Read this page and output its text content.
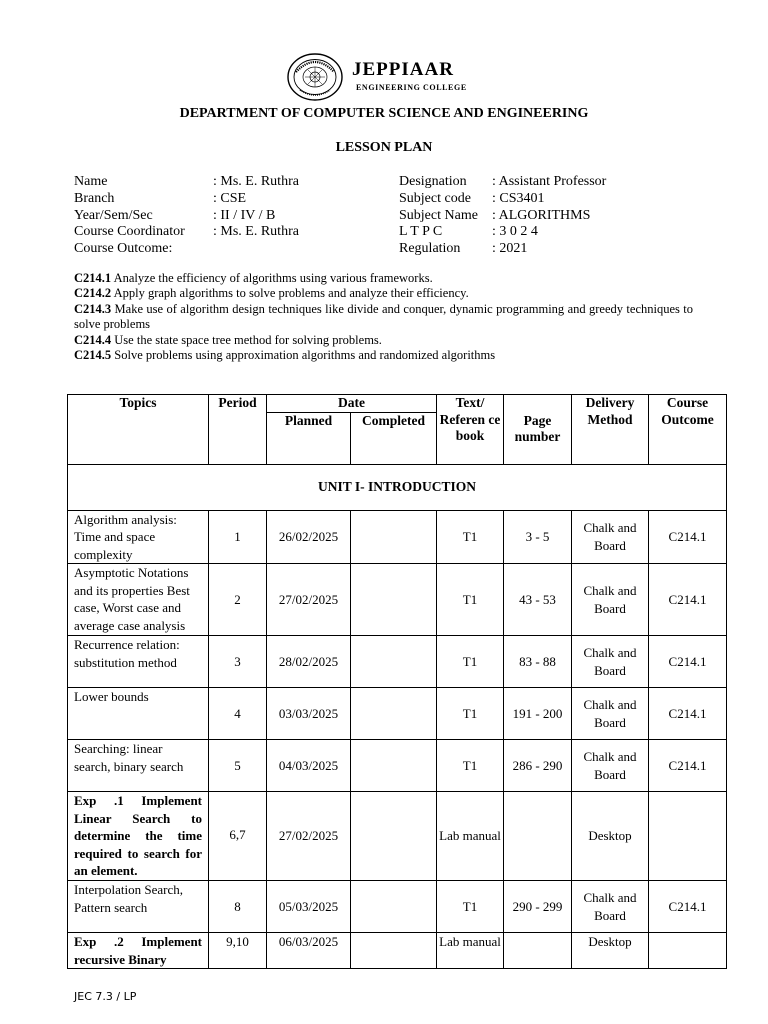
JEPPIAAR
ENGINEERING COLLEGE
DEPARTMENT OF COMPUTER SCIENCE AND ENGINEERING
LESSON PLAN
Name	: Ms. E. Ruthra
Branch	: CSE
Year/Sem/Sec	: II / IV / B
Course Coordinator	: Ms. E. Ruthra
Course Outcome:
Designation	: Assistant Professor
Subject code	: CS3401
Subject Name	: ALGORITHMS
L T P C	: 3 0 2 4
Regulation	: 2021
C214.1 Analyze the efficiency of algorithms using various frameworks.
C214.2 Apply graph algorithms to solve problems and analyze their efficiency.
C214.3 Make use of algorithm design techniques like divide and conquer, dynamic programming and greedy techniques to solve problems
C214.4 Use the state space tree method for solving problems.
C214.5 Solve problems using approximation algorithms and randomized algorithms
Topics	Period	Date		Text/ Referen ce book	Page number	Delivery Method	Course Outcome
		Planned	Completed				
UNIT I- INTRODUCTION							
Algorithm analysis: Time and space complexity	1	26/02/2025		T1	3 - 5	Chalk and Board	C214.1
Asymptotic Notations and its properties Best case, Worst case and average case analysis	2	27/02/2025		T1	43 - 53	Chalk and Board	C214.1
Recurrence relation: substitution method	3	28/02/2025		T1	83 - 88	Chalk and Board	C214.1
Lower bounds	4	03/03/2025		T1	191 - 200	Chalk and Board	C214.1
Searching: linear search, binary search	5	04/03/2025		T1	286 - 290	Chalk and Board	C214.1
Exp .1 Implement Linear Search to determine the time required to search for an element.	6,7	27/02/2025		Lab manual		Desktop	
Interpolation Search, Pattern search	8	05/03/2025		T1	290 - 299	Chalk and Board	C214.1
Exp .2 Implement recursive Binary	9,10	06/03/2025		Lab manual		Desktop	
JEC 7.3 / LP
